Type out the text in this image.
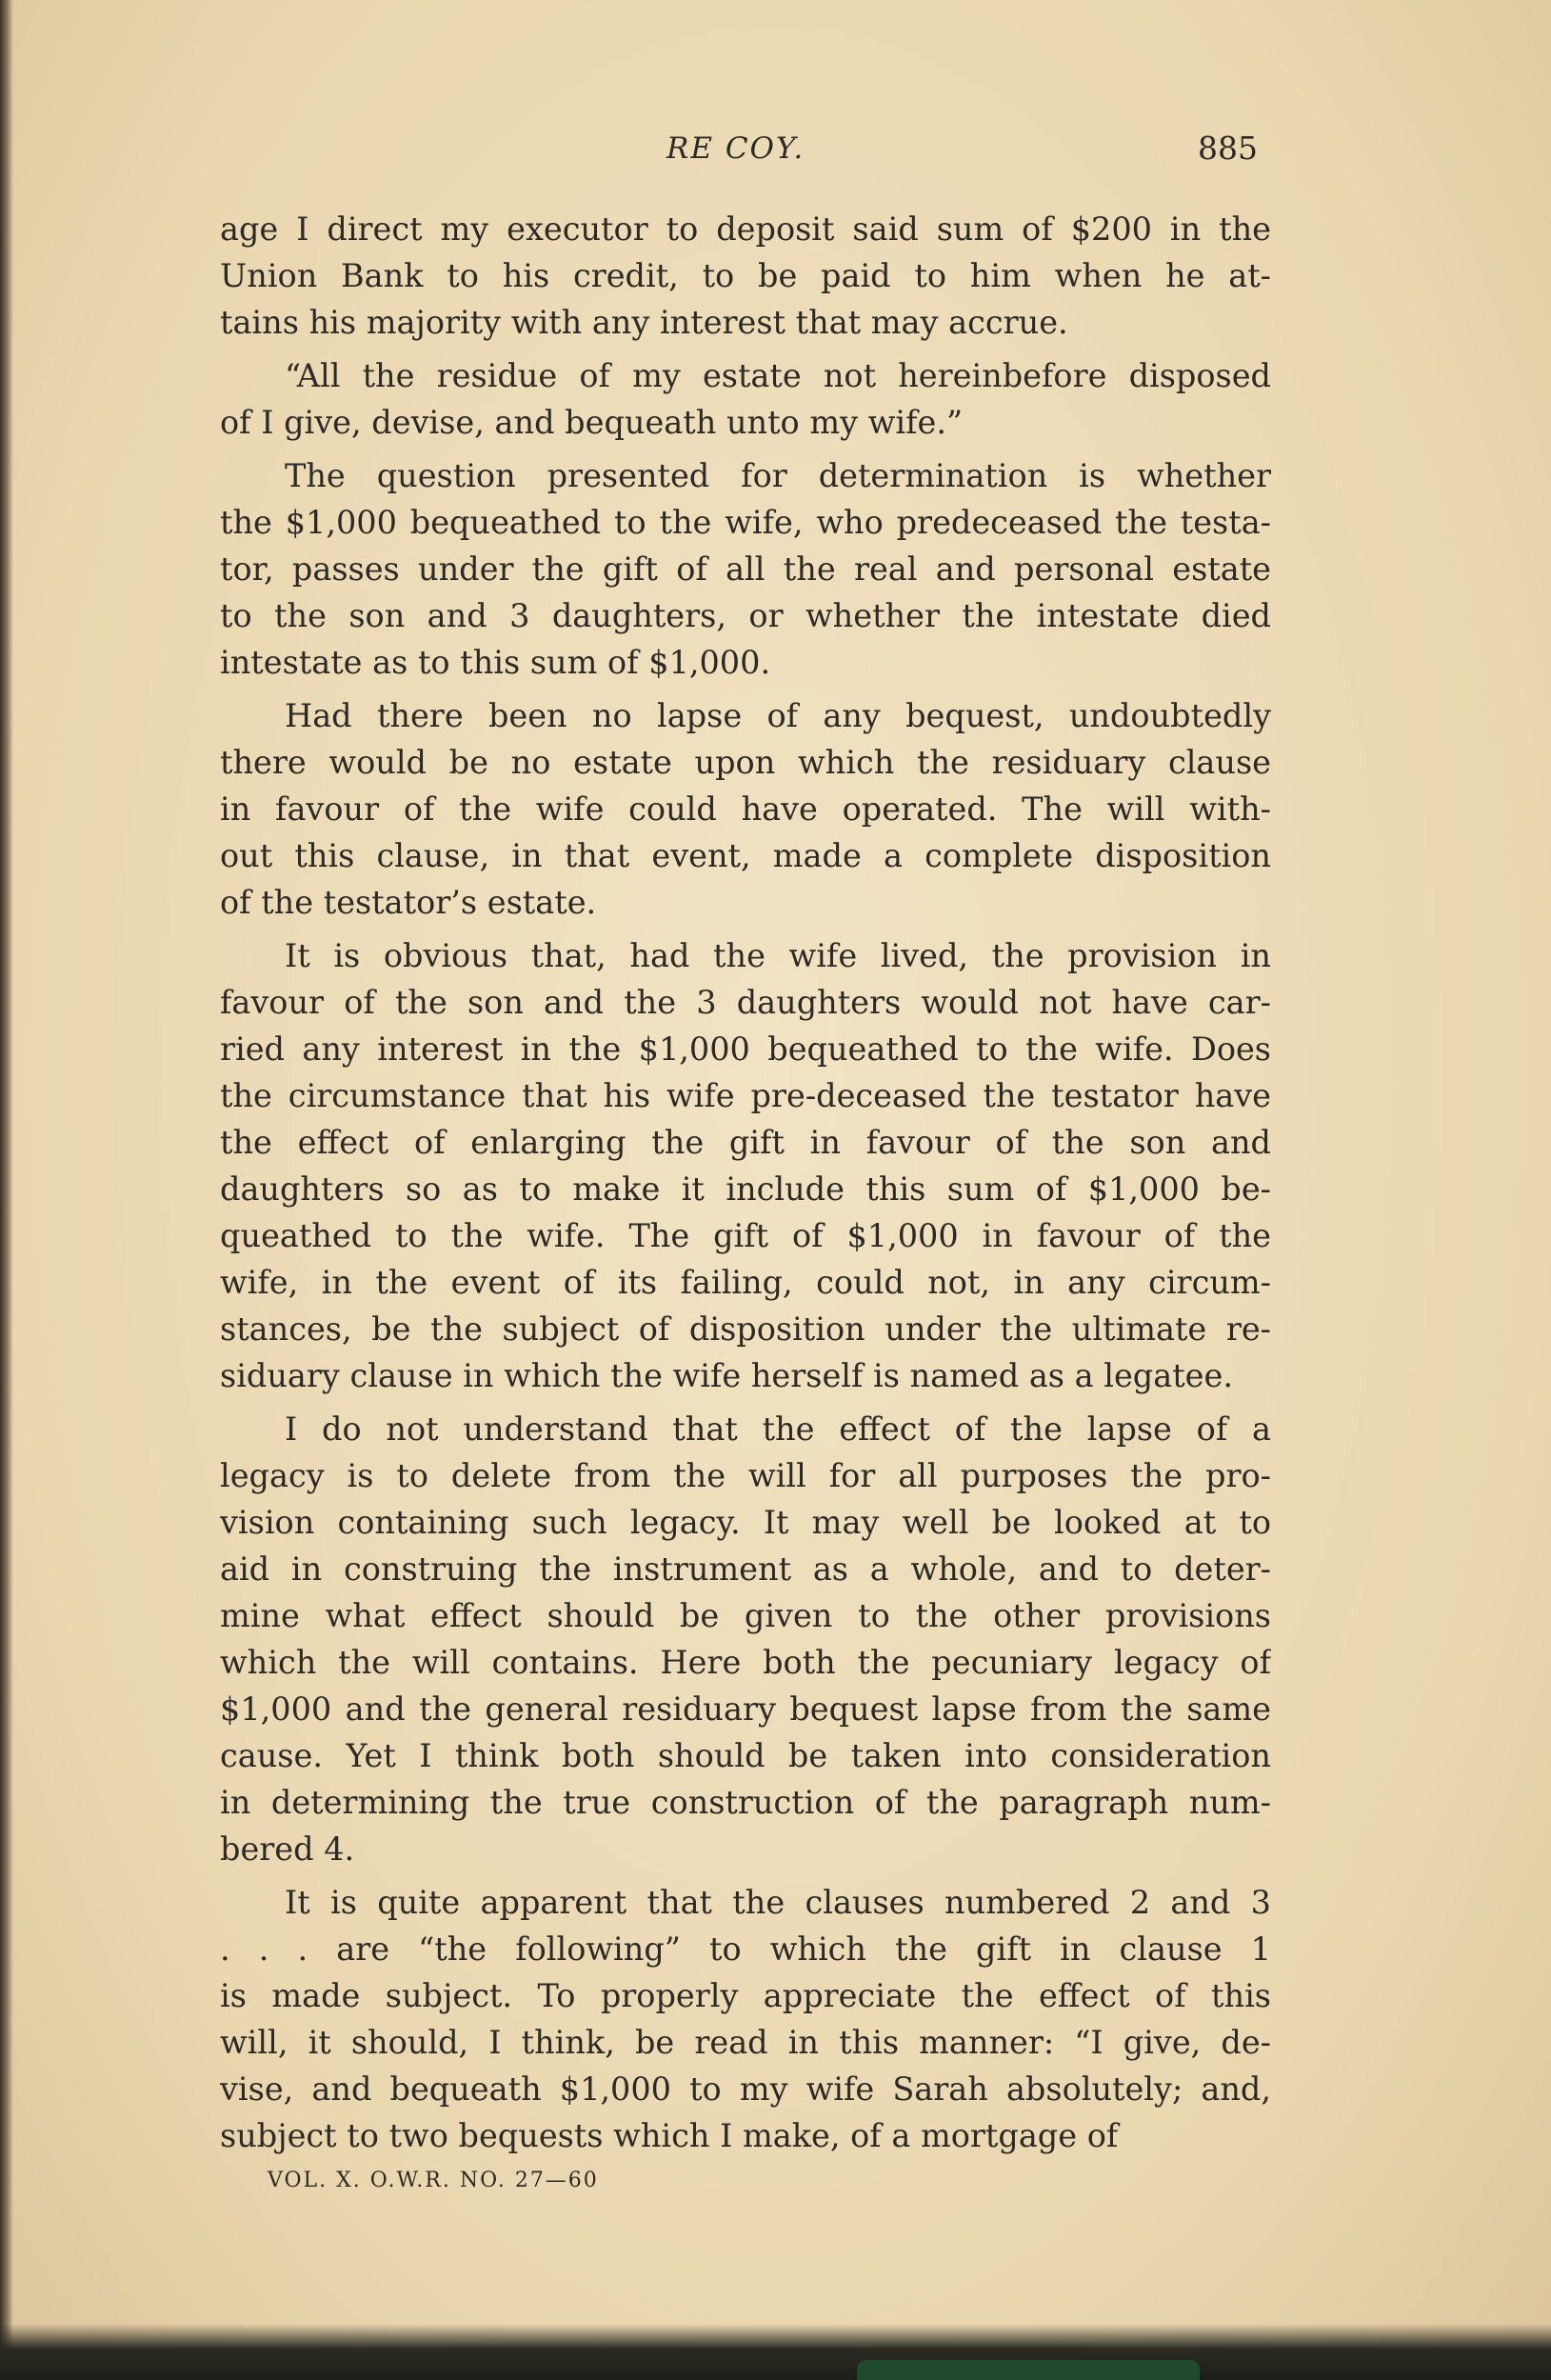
RE COY.	885
age I direct my executor to deposit said sum of $200 in the
Union Bank to his credit, to be paid to him when he at-
tains his majority with any interest that may accrue.
“All the residue of my estate not hereinbefore disposed
of I give, devise, and bequeath unto my wife.”
The question presented for determination is whether
the $1,000 bequeathed to the wife, who predeceased the testa-
tor, passes under the gift of all the real and personal estate
to the son and 3 daughters, or whether the intestate died
intestate as to this sum of $1,000.
Had there been no lapse of any bequest, undoubtedly
there would be no estate upon which the residuary clause
in favour of the wife could have operated. The will with-
out this clause, in that event, made a complete disposition
of the testator’s estate.
It is obvious that, had the wife lived, the provision in
favour of the son and the 3 daughters would not have car-
ried any interest in the $1,000 bequeathed to the wife. Does
the circumstance that his wife pre-deceased the testator have
the effect of enlarging the gift in favour of the son and
daughters so as to make it include this sum of $1,000 be-
queathed to the wife. The gift of $1,000 in favour of the
wife, in the event of its failing, could not, in any circum-
stances, be the subject of disposition under the ultimate re-
siduary clause in which the wife herself is named as a legatee.
I do not understand that the effect of the lapse of a
legacy is to delete from the will for all purposes the pro-
vision containing such legacy. It may well be looked at to
aid in construing the instrument as a whole, and to deter-
mine what effect should be given to the other provisions
which the will contains. Here both the pecuniary legacy of
$1,000 and the general residuary bequest lapse from the same
cause. Yet I think both should be taken into consideration
in determining the true construction of the paragraph num-
bered 4.
It is quite apparent that the clauses numbered 2 and 3
. . . are “the following” to which the gift in clause 1
is made subject. To properly appreciate the effect of this
will, it should, I think, be read in this manner: “I give, de-
vise, and bequeath $1,000 to my wife Sarah absolutely; and,
subject to two bequests which I make, of a mortgage of
VOL. X. O.W.R. NO. 27—60
